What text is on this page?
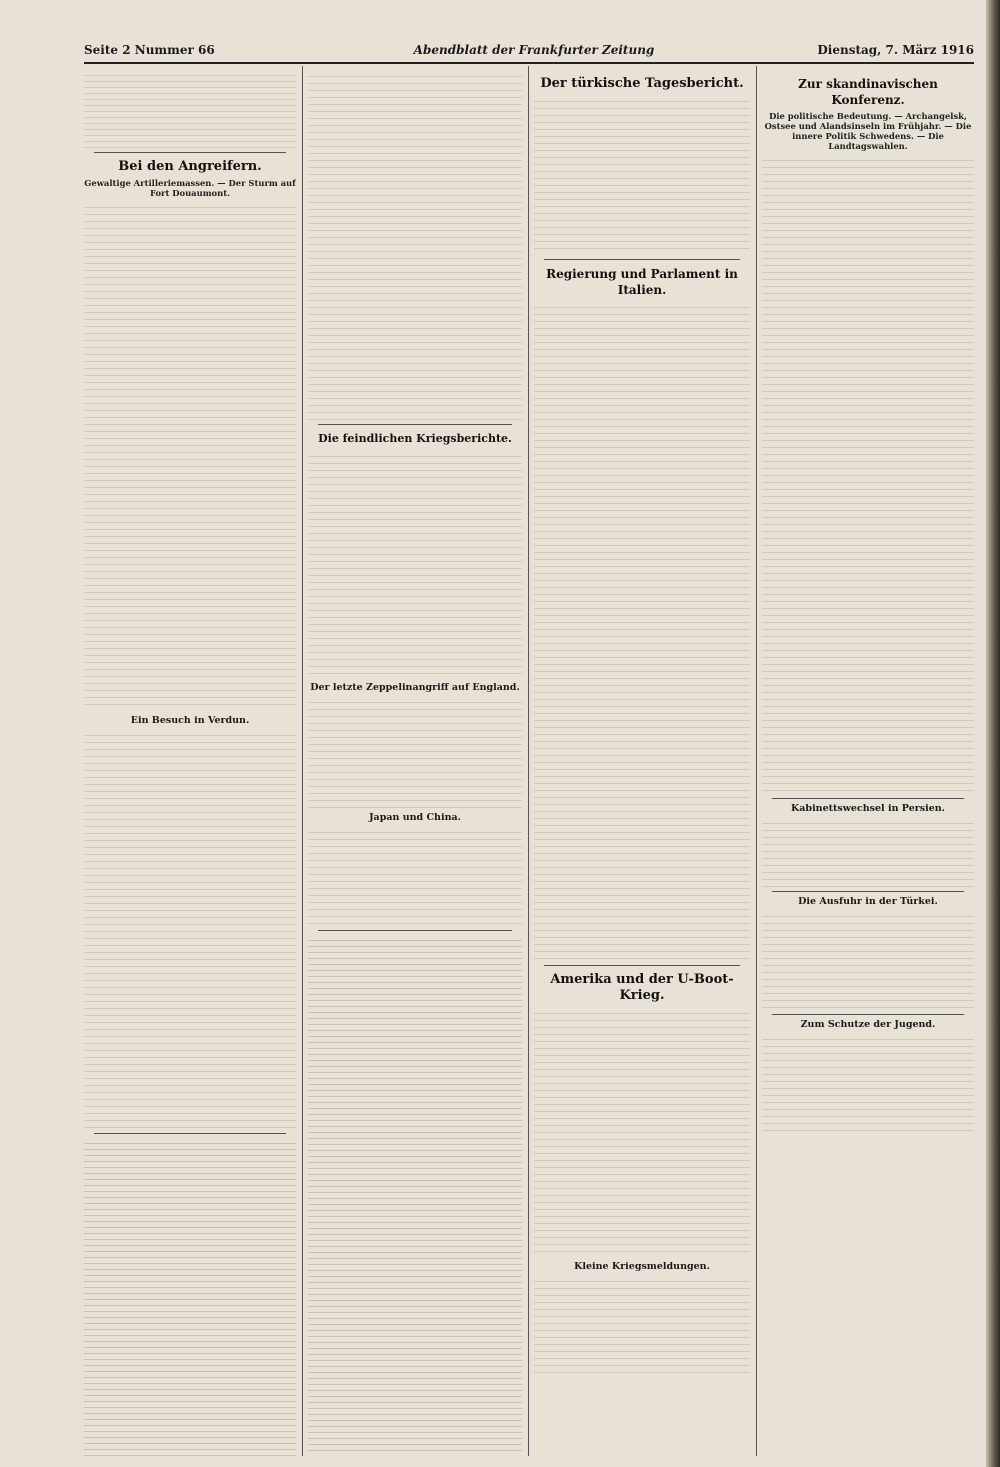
Seite 2 Nummer 66	Abendblatt der Frankfurter Zeitung	Dienstag, 7. März 1916
Bei den Angreifern.
Gewaltige Artilleriemassen. — Der Sturm auf Fort Douaumont.
Ein Besuch in Verdun.
Die feindlichen Kriegsberichte.
Der letzte Zeppelinangriff auf England.
Japan und China.
Der türkische Tagesbericht.
Regierung und Parlament in Italien.
Amerika und der U-Boot-Krieg.
Kleine Kriegsmeldungen.
Zur skandinavischen Konferenz.
Die politische Bedeutung. — Archangelsk, Ostsee und Alandsinseln im Frühjahr. — Die innere Politik Schwedens. — Die Landtagswahlen.
Kabinettswechsel in Persien.
Die Ausfuhr in der Türkei.
Zum Schutze der Jugend.
